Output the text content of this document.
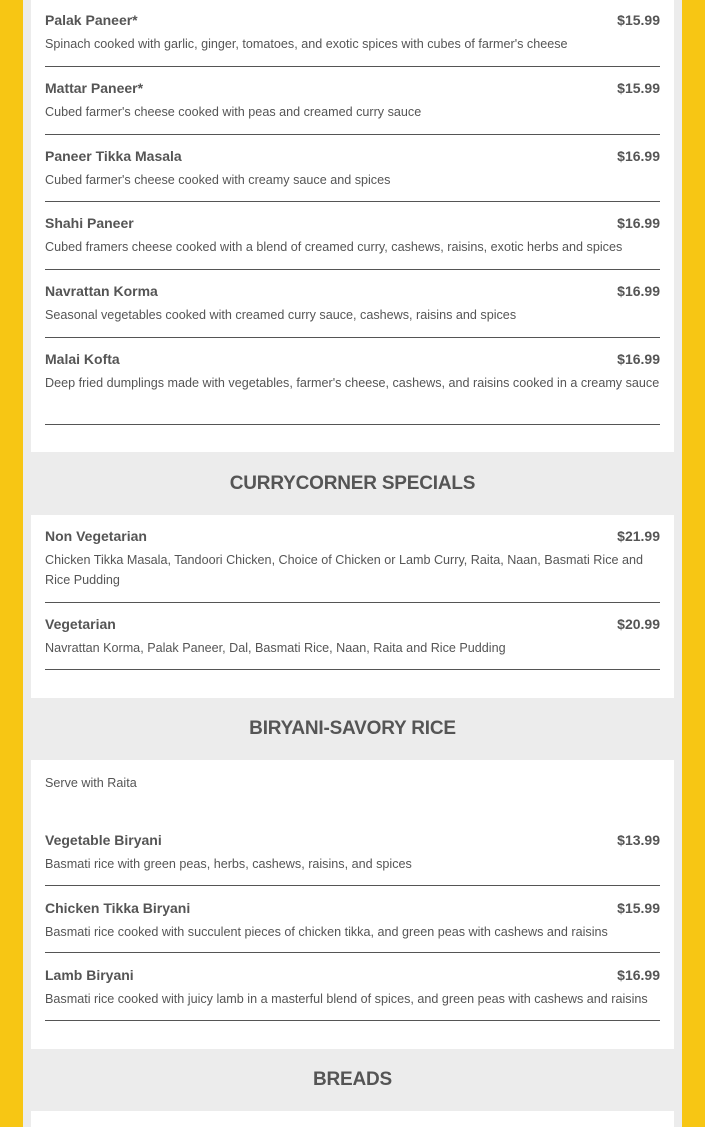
Palak Paneer*	$15.99
Spinach cooked with garlic, ginger, tomatoes, and exotic spices with cubes of farmer's cheese
Mattar Paneer*	$15.99
Cubed farmer's cheese cooked with peas and creamed curry sauce
Paneer Tikka Masala	$16.99
Cubed farmer's cheese cooked with creamy sauce and spices
Shahi Paneer	$16.99
Cubed framers cheese cooked with a blend of creamed curry, cashews, raisins, exotic herbs and spices
Navrattan Korma	$16.99
Seasonal vegetables cooked with creamed curry sauce, cashews, raisins and spices
Malai Kofta	$16.99
Deep fried dumplings made with vegetables, farmer's cheese, cashews, and raisins cooked in a creamy sauce
CURRYCORNER SPECIALS
Non Vegetarian	$21.99
Chicken Tikka Masala, Tandoori Chicken, Choice of Chicken or Lamb Curry, Raita, Naan, Basmati Rice and Rice Pudding
Vegetarian	$20.99
Navrattan Korma, Palak Paneer, Dal, Basmati Rice, Naan, Raita and Rice Pudding
BIRYANI-SAVORY RICE
Serve with Raita
Vegetable Biryani	$13.99
Basmati rice with green peas, herbs, cashews, raisins, and spices
Chicken Tikka Biryani	$15.99
Basmati rice cooked with succulent pieces of chicken tikka, and green peas with cashews and raisins
Lamb Biryani	$16.99
Basmati rice cooked with juicy lamb in a masterful blend of spices, and green peas with cashews and raisins
BREADS
